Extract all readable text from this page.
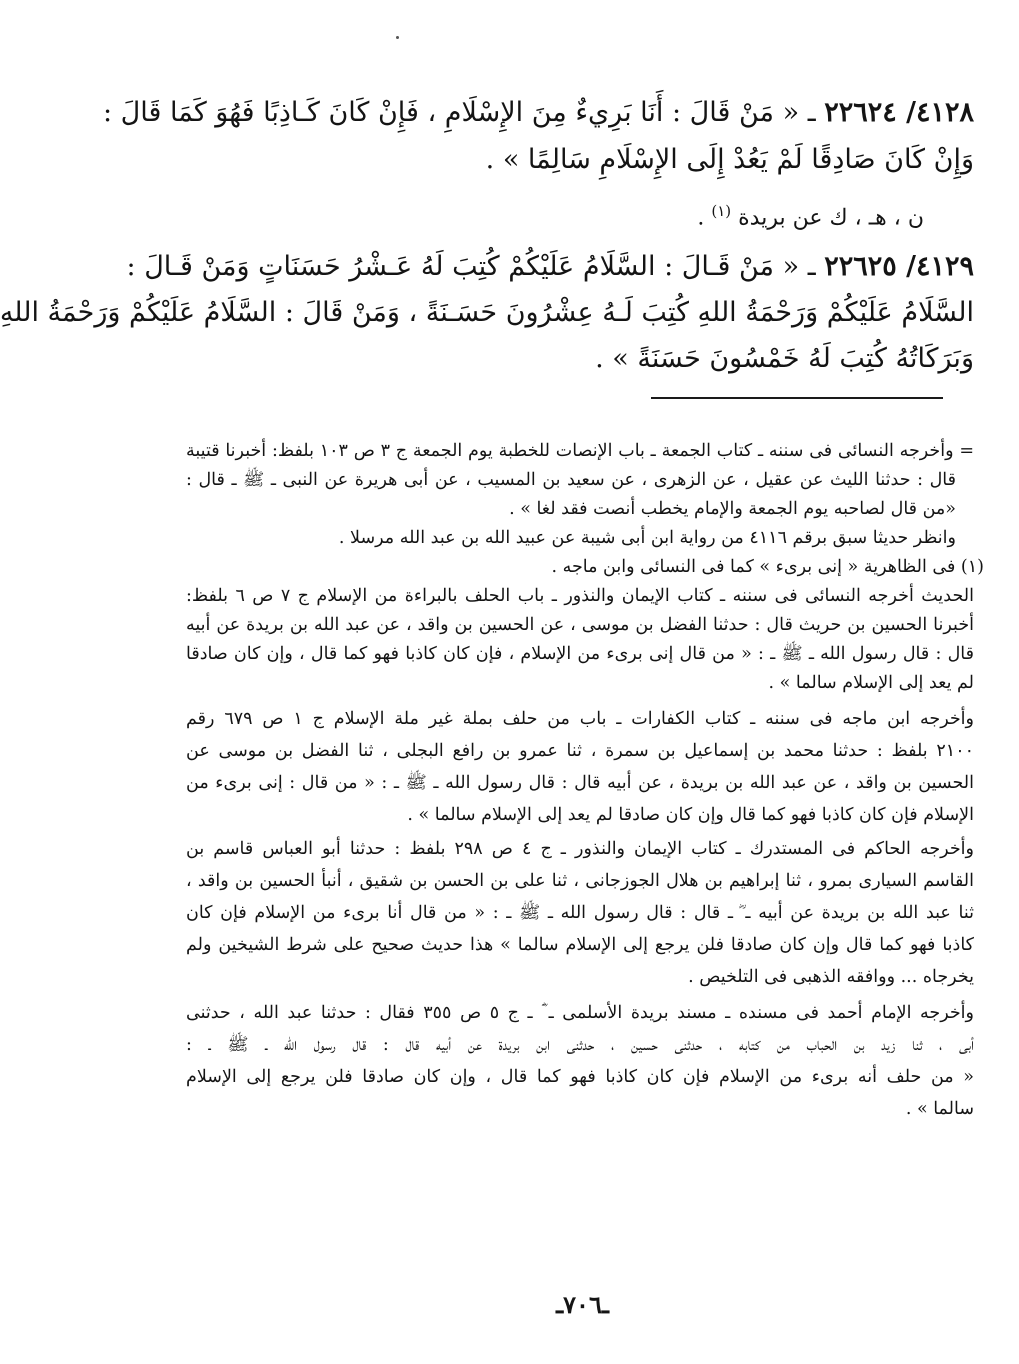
٤١٢٨/ ٢٢٦٢٤ ـ « مَنْ قَالَ : أَنَا بَرِيءٌ مِنَ الإِسْلَامِ ، فَإِنْ كَانَ كَـاذِبًا فَهُوَ كَمَا قَالَ :
وَإِنْ كَانَ صَادِقًا لَمْ يَعُدْ إِلَى الإِسْلَامِ سَالِمًا » .
٤١٢٩/ ٢٢٦٢٥ ـ « مَنْ قَـالَ : السَّلَامُ عَلَيْكُمْ كُتِبَ لَهُ عَـشْرُ حَسَنَاتٍ وَمَنْ قَـالَ :
السَّلَامُ عَلَيْكُمْ وَرَحْمَةُ اللهِ كُتِبَ لَـهُ عِشْرُونَ حَسَـنَةً ، وَمَنْ قَالَ : السَّلَامُ عَلَيْكُمْ وَرَحْمَةُ اللهِ
وَبَرَكَاتُهُ كُتِبَ لَهُ خَمْسُونَ حَسَنَةً » .
ن ، هـ ، ك عن بريدة $^{(١)}$ .
= وأخرجه النسائى فى سننه ـ كتاب الجمعة ـ باب الإنصات للخطبة يوم الجمعة ج ٣ ص ١٠٣ بلفظ: أخبرنا قتيبة
قال : حدثنا الليث عن عقيل ، عن الزهرى ، عن سعيد بن المسيب ، عن أبى هريرة عن النبى ـ ﷺ ـ قال :
«من قال لصاحبه يوم الجمعة والإمام يخطب أنصت فقد لغا » .
وانظر حديثا سبق برقم ٤١١٦ من رواية ابن أبى شيبة عن عبيد الله بن عبد الله مرسلا .
(١) فى الظاهرية « إنى برىء » كما فى النسائى وابن ماجه .
الحديث أخرجه النسائى فى سننه ـ كتاب الإيمان والنذور ـ باب الحلف بالبراءة من الإسلام ج ٧ ص ٦ بلفظ:
أخبرنا الحسين بن حريث قال : حدثنا الفضل بن موسى ، عن الحسين بن واقد ، عن عبد الله بن بريدة عن أبيه
قال : قال رسول الله ـ ﷺ ـ : « من قال إنى برىء من الإسلام ، فإن كان كاذبا فهو كما قال ، وإن كان صادقا
لم يعد إلى الإسلام سالما » .
وأخرجه ابن ماجه فى سننه ـ كتاب الكفارات ـ باب من حلف بملة غير ملة الإسلام ج ١ ص ٦٧٩ رقم
٢١٠٠ بلفظ : حدثنا محمد بن إسماعيل بن سمرة ، ثنا عمرو بن رافع البجلى ، ثنا الفضل بن موسى عن
الحسين بن واقد ، عن عبد الله بن بريدة ، عن أبيه قال : قال رسول الله ـ ﷺ ـ : « من قال : إنى برىء من
الإسلام فإن كان كاذبا فهو كما قال وإن كان صادقا لم يعد إلى الإسلام سالما » .
وأخرجه الحاكم فى المستدرك ـ كتاب الإيمان والنذور ـ ج ٤ ص ٢٩٨ بلفظ : حدثنا أبو العباس قاسم بن
القاسم السيارى بمرو ، ثنا إبراهيم بن هلال الجوزجانى ، ثنا على بن الحسن بن شقيق ، أنبأ الحسين بن واقد ،
ثنا عبد الله بن بريدة عن أبيه ـ ؓ ـ قال : قال رسول الله ـ ﷺ ـ : « من قال أنا برىء من الإسلام فإن كان
كاذبا فهو كما قال وإن كان صادقا فلن يرجع إلى الإسلام سالما » هذا حديث صحيح على شرط الشيخين ولم
يخرجاه ... ووافقه الذهبى فى التلخيص .
وأخرجه الإمام أحمد فى مسنده ـ مسند بريدة الأسلمى ـ ؓ ـ ج ٥ ص ٣٥٥ فقال : حدثنا عبد الله ، حدثنى
أبى ، ثنا زيد بن الحباب من كتابه ، حدثنى حسين ، حدثنى ابن بريدة عن أبيه قال : قال رسول الله ـ ﷺ ـ :
« من حلف أنه برىء من الإسلام فإن كان كاذبا فهو كما قال ، وإن كان صادقا فلن يرجع إلى الإسلام
سالما » .
ـ٧٠٦ـ
